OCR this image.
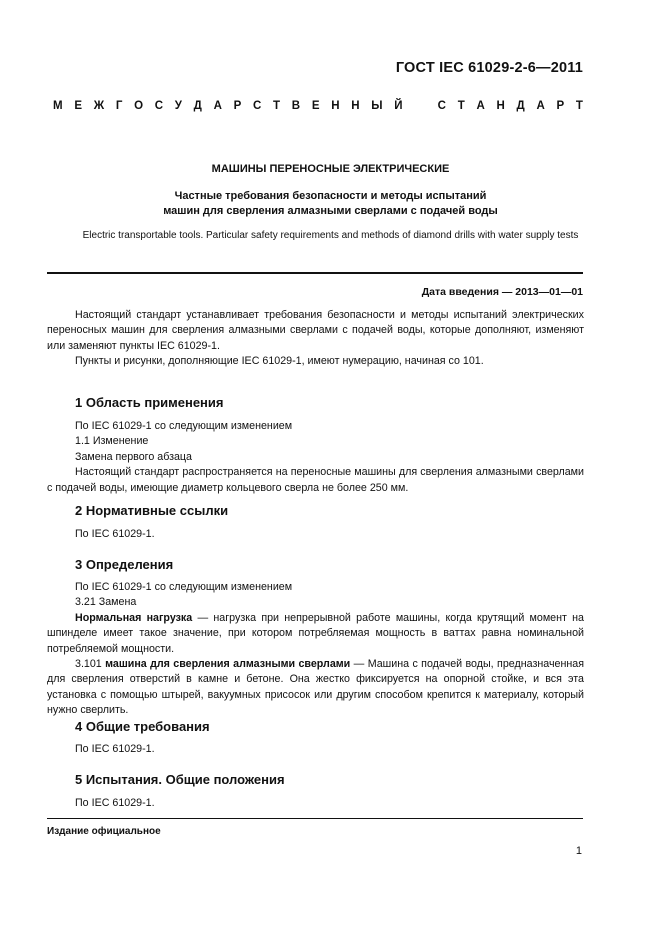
ГОСТ IEC 61029-2-6—2011
М Е Ж Г О С У Д А Р С Т В Е Н Н Ы Й	С Т А Н Д А Р Т
МАШИНЫ ПЕРЕНОСНЫЕ ЭЛЕКТРИЧЕСКИЕ
Частные требования безопасности и методы испытаний
машин для сверления алмазными сверлами с подачей воды
Electric transportable tools. Particular safety requirements and methods of diamond drills with water supply tests
Дата введения — 2013—01—01

Настоящий стандарт устанавливает требования безопасности и методы испытаний электрических переносных машин для сверления алмазными сверлами с подачей воды, которые дополняют, изменяют или заменяют пункты IEC 61029-1.

Пункты и рисунки, дополняющие IEC 61029-1, имеют нумерацию, начиная со 101.

1 Область применения

По IEC 61029-1 со следующим изменением

1.1 Изменение

Замена первого абзаца

Настоящий стандарт распространяется на переносные машины для сверления алмазными сверлами с подачей воды, имеющие диаметр кольцевого сверла не более 250 мм.

2 Нормативные ссылки

По IEC 61029-1.

3 Определения

По IEC 61029-1 со следующим изменением

3.21 Замена

Нормальная нагрузка — нагрузка при непрерывной работе машины, когда крутящий момент на шпинделе имеет такое значение, при котором потребляемая мощность в ваттах равна номинальной потребляемой мощности.

3.101 машина для сверления алмазными сверлами — Машина с подачей воды, предназначенная для сверления отверстий в камне и бетоне. Она жестко фиксируется на опорной стойке, и вся эта установка с помощью штырей, вакуумных присосок или другим способом крепится к материалу, который нужно сверлить.

4 Общие требования

По IEC 61029-1.

5 Испытания. Общие положения

По IEC 61029-1.

Издание официальное
1
